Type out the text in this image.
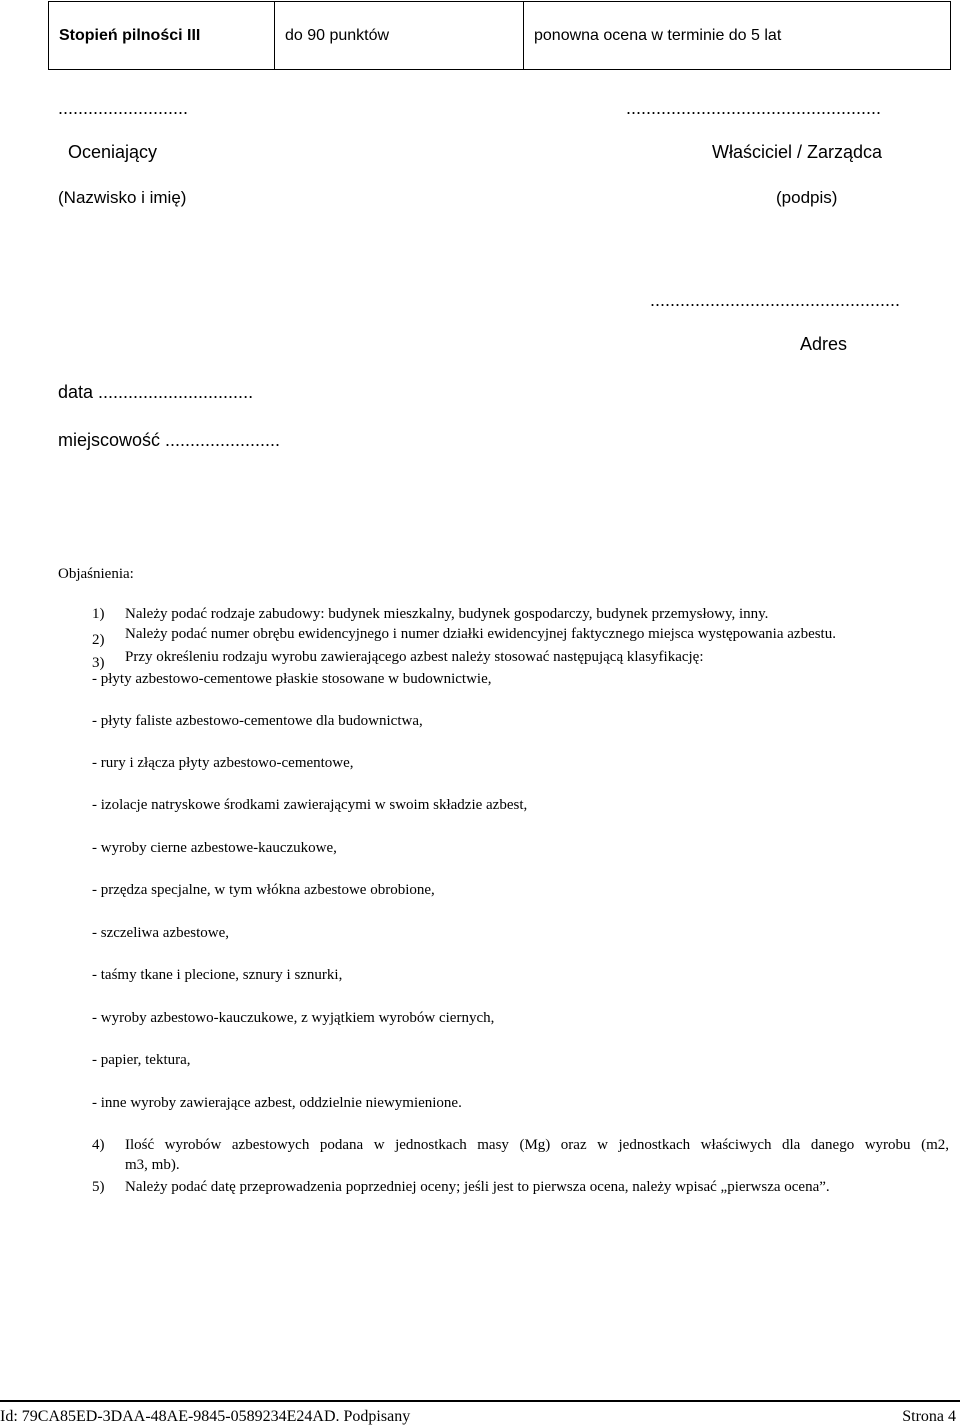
Stopień pilności III	do 90 punktów	ponowna ocena w terminie do 5 lat
..........................	...................................................
Oceniający	Właściciel / Zarządca
(Nazwisko i imię)	(podpis)
..................................................
Adres
data ...............................
miejscowość .......................
Objaśnienia:
1) Należy podać rodzaje zabudowy: budynek mieszkalny, budynek gospodarczy, budynek przemysłowy, inny.
2) Należy podać numer obrębu ewidencyjnego i numer działki ewidencyjnej faktycznego miejsca występowania azbestu.
3) Przy określeniu rodzaju wyrobu zawierającego azbest należy stosować następującą klasyfikację:
- płyty azbestowo-cementowe płaskie stosowane w budownictwie,
- płyty faliste azbestowo-cementowe dla budownictwa,
- rury i złącza płyty azbestowo-cementowe,
- izolacje natryskowe środkami zawierającymi w swoim składzie azbest,
- wyroby cierne azbestowe-kauczukowe,
- przędza specjalne, w tym włókna azbestowe obrobione,
- szczeliwa azbestowe,
- taśmy tkane i plecione, sznury i sznurki,
- wyroby azbestowo-kauczukowe, z wyjątkiem wyrobów ciernych,
- papier, tektura,
- inne wyroby zawierające azbest, oddzielnie niewymienione.
4) Ilość wyrobów azbestowych podana w jednostkach masy (Mg) oraz w jednostkach właściwych dla danego wyrobu (m2,
m3, mb).
5) Należy podać datę przeprowadzenia poprzedniej oceny; jeśli jest to pierwsza ocena, należy wpisać „pierwsza ocena”.
Id: 79CA85ED-3DAA-48AE-9845-0589234E24AD. Podpisany	Strona 4
